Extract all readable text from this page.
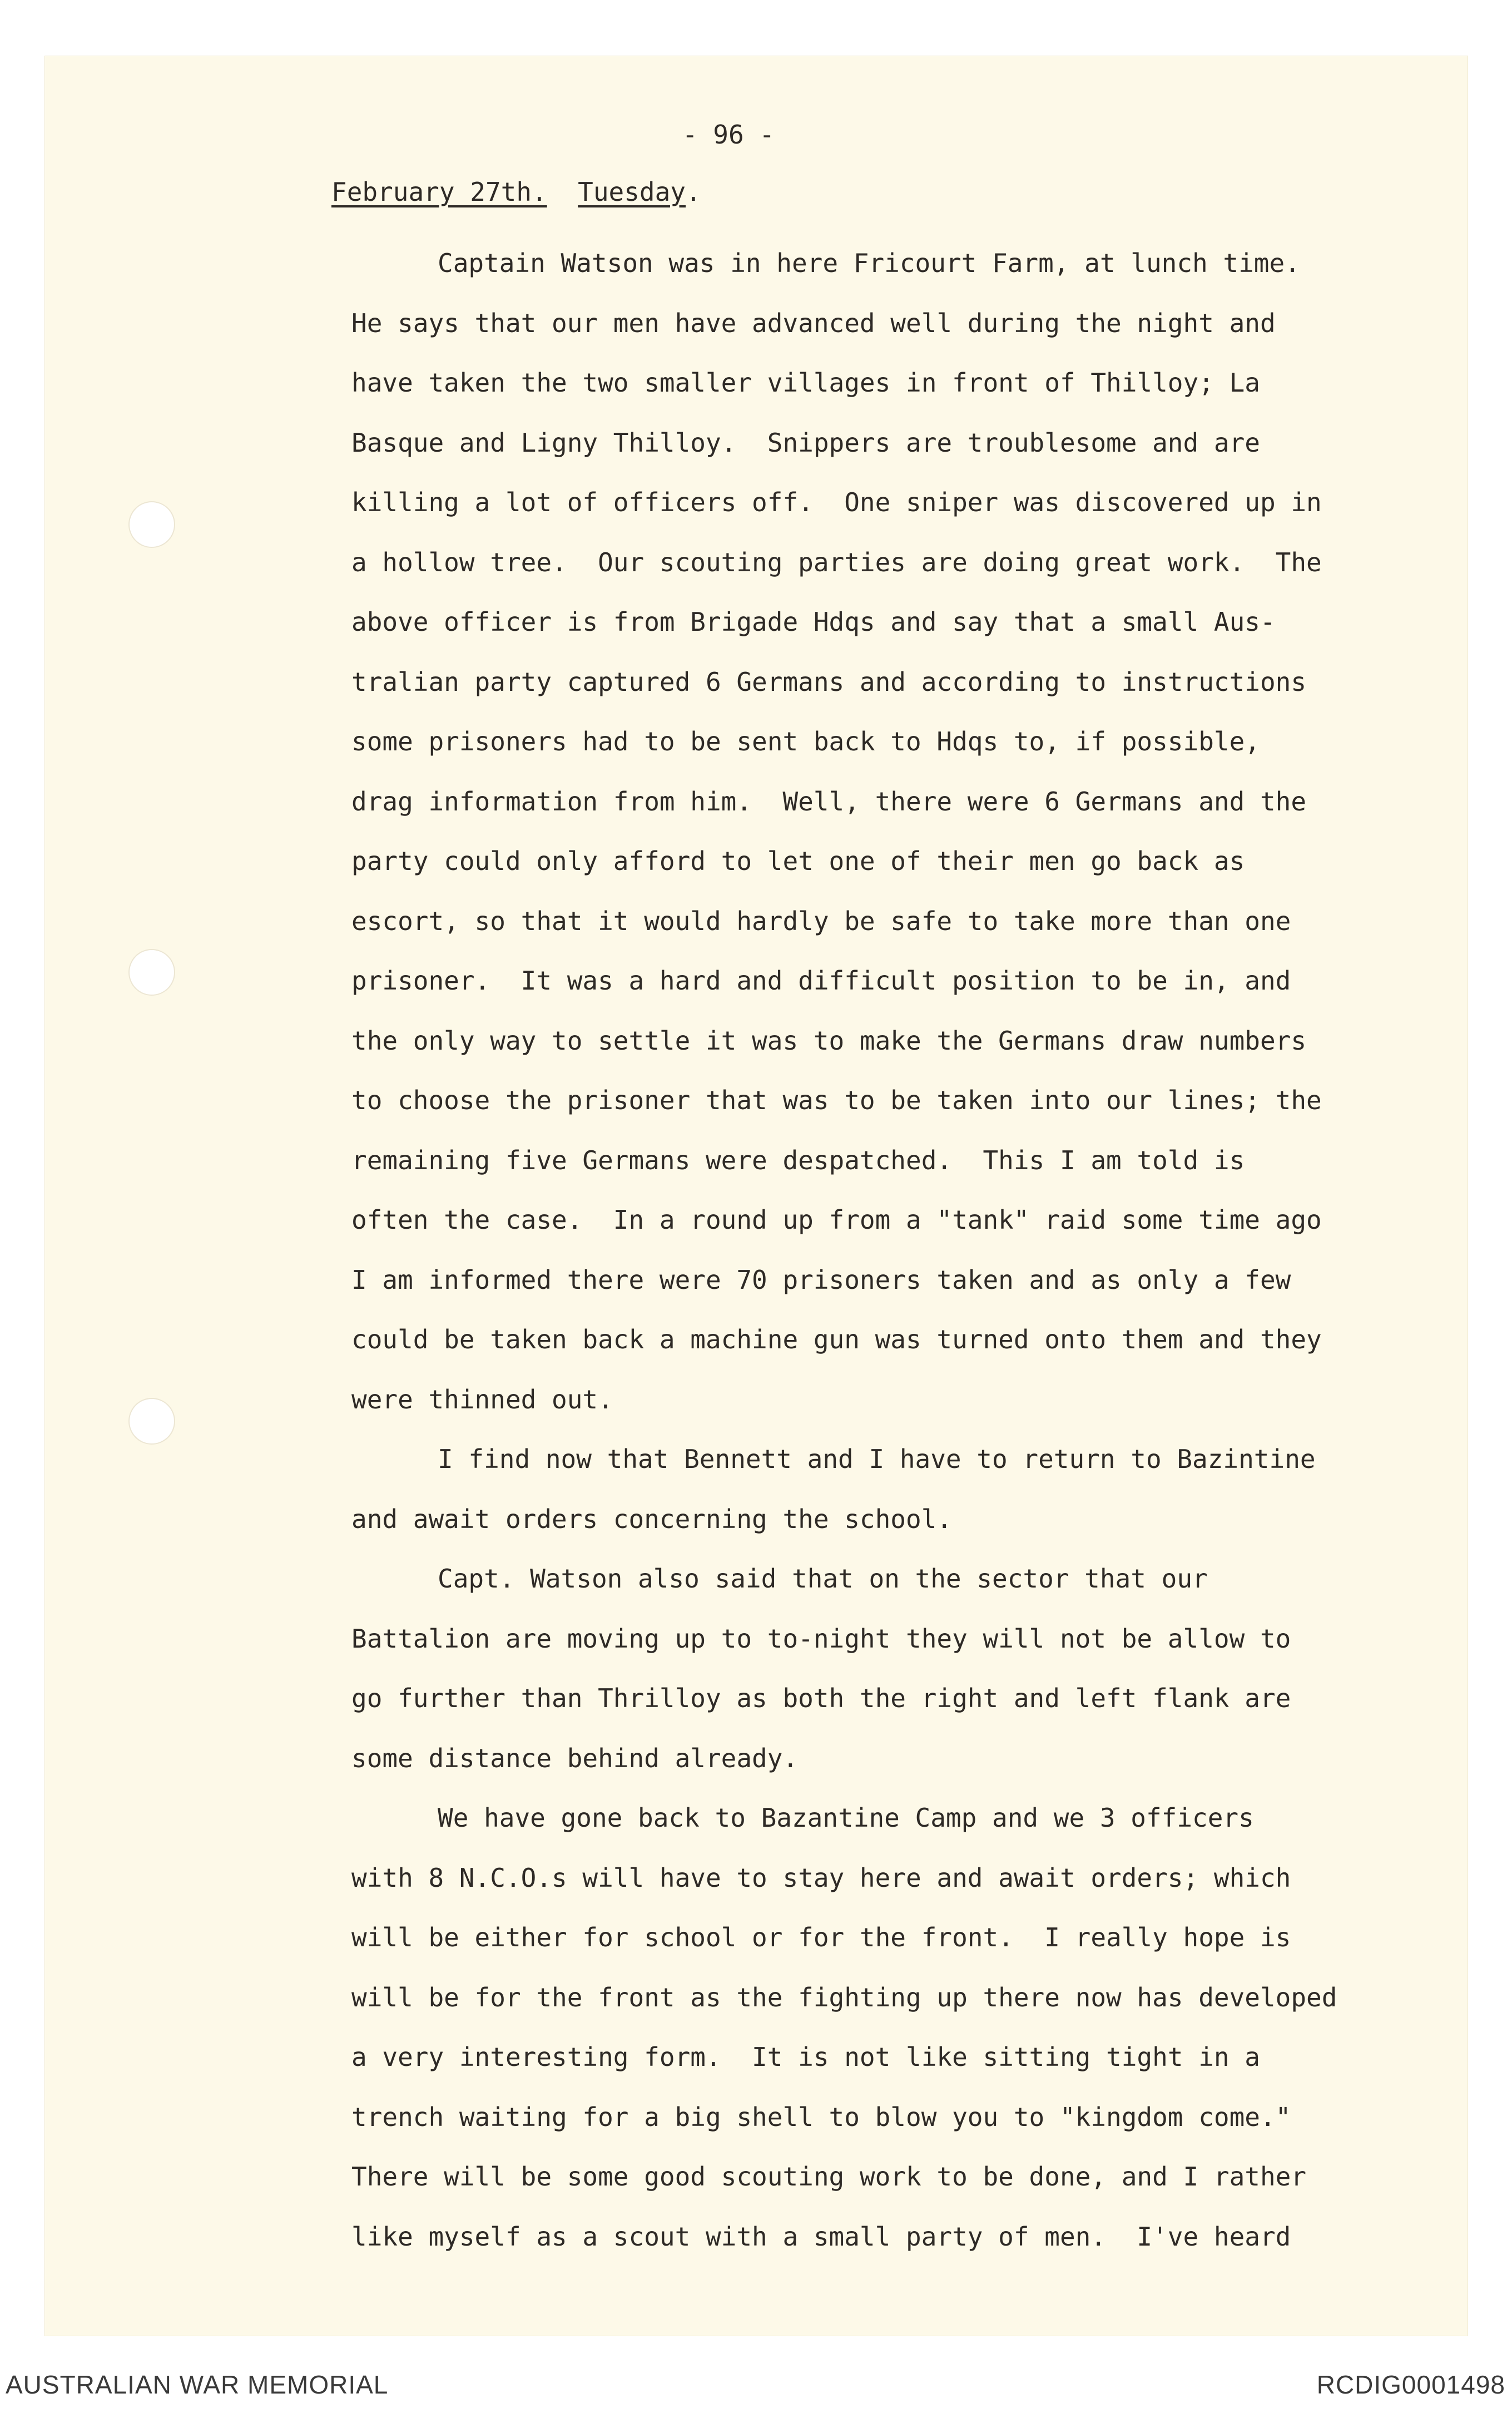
- 96 -
February 27th. Tuesday.
Captain Watson was in here Fricourt Farm, at lunch time.
He says that our men have advanced well during the night and
have taken the two smaller villages in front of Thilloy; La
Basque and Ligny Thilloy.  Snippers are troublesome and are
killing a lot of officers off.  One sniper was discovered up in
a hollow tree.  Our scouting parties are doing great work.  The
above officer is from Brigade Hdqs and say that a small Aus-
tralian party captured 6 Germans and according to instructions
some prisoners had to be sent back to Hdqs to, if possible,
drag information from him.  Well, there were 6 Germans and the
party could only afford to let one of their men go back as
escort, so that it would hardly be safe to take more than one
prisoner.  It was a hard and difficult position to be in, and
the only way to settle it was to make the Germans draw numbers
to choose the prisoner that was to be taken into our lines; the
remaining five Germans were despatched.  This I am told is
often the case.  In a round up from a "tank" raid some time ago
I am informed there were 70 prisoners taken and as only a few
could be taken back a machine gun was turned onto them and they
were thinned out.
I find now that Bennett and I have to return to Bazintine
and await orders concerning the school.
Capt. Watson also said that on the sector that our
Battalion are moving up to to-night they will not be allow to
go further than Thrilloy as both the right and left flank are
some distance behind already.
We have gone back to Bazantine Camp and we 3 officers
with 8 N.C.O.s will have to stay here and await orders; which
will be either for school or for the front.  I really hope is
will be for the front as the fighting up there now has developed
a very interesting form.  It is not like sitting tight in a
trench waiting for a big shell to blow you to "kingdom come."
There will be some good scouting work to be done, and I rather
like myself as a scout with a small party of men.  I've heard
AUSTRALIAN WAR MEMORIAL	RCDIG0001498
